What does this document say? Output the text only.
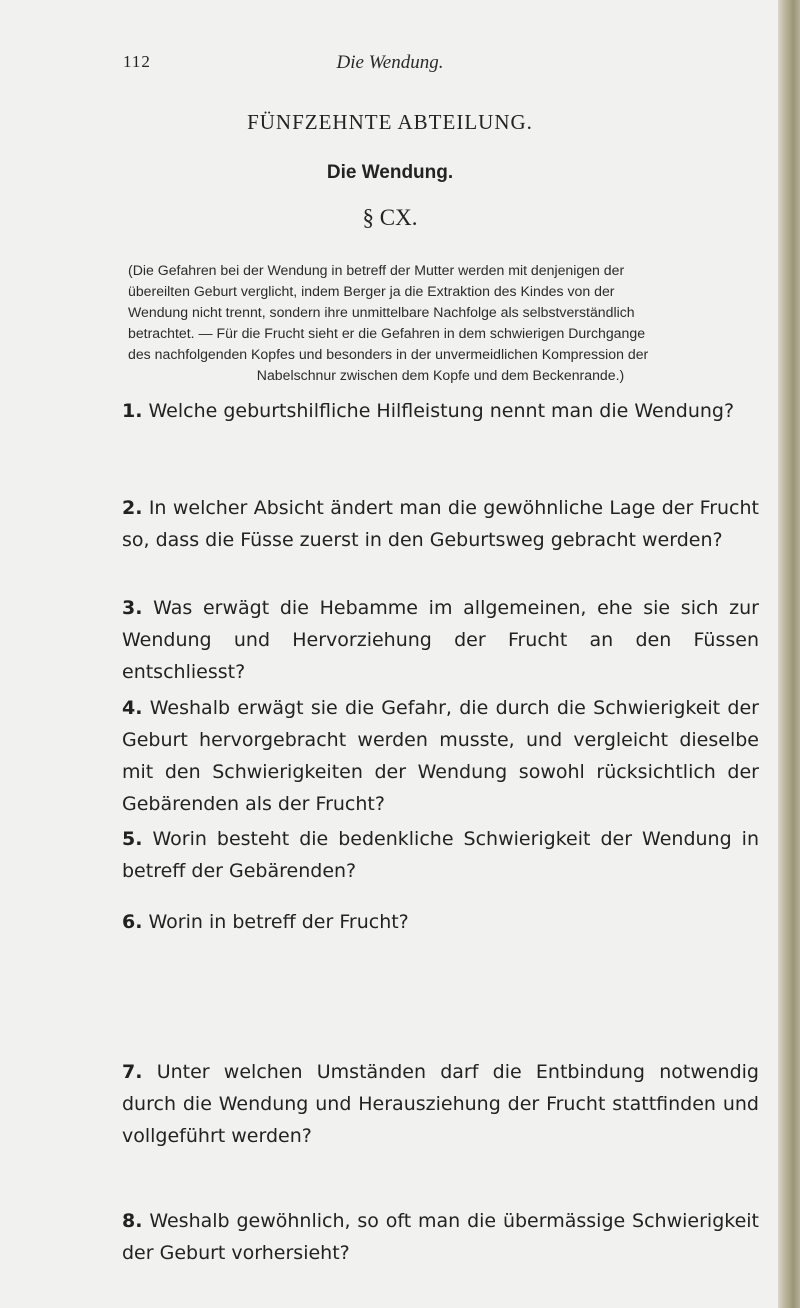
112	Die Wendung.
FÜNFZEHNTE ABTEILUNG.
Die Wendung.
§ CX.
(Die Gefahren bei der Wendung in betreff der Mutter werden mit denjenigen der
übereilten Geburt verglicht, indem Berger ja die Extraktion des Kindes von der
Wendung nicht trennt, sondern ihre unmittelbare Nachfolge als selbstverständlich
betrachtet. — Für die Frucht sieht er die Gefahren in dem schwierigen Durchgange
des nachfolgenden Kopfes und besonders in der unvermeidlichen Kompression der
Nabelschnur zwischen dem Kopfe und dem Beckenrande.)
1. Welche geburtshilfliche Hilfleistung nennt man die Wendung?
2. In welcher Absicht ändert man die gewöhnliche Lage der Frucht so, dass die Füsse zuerst in den Geburtsweg gebracht werden?
3. Was erwägt die Hebamme im allgemeinen, ehe sie sich zur Wendung und Hervorziehung der Frucht an den Füssen entschliesst?
4. Weshalb erwägt sie die Gefahr, die durch die Schwierigkeit der Geburt hervorgebracht werden musste, und vergleicht dieselbe mit den Schwierigkeiten der Wendung sowohl rücksichtlich der Gebärenden als der Frucht?
5. Worin besteht die bedenkliche Schwierigkeit der Wendung in betreff der Gebärenden?
6. Worin in betreff der Frucht?
7. Unter welchen Umständen darf die Entbindung notwendig durch die Wendung und Herausziehung der Frucht stattfinden und vollgeführt werden?
8. Weshalb gewöhnlich, so oft man die übermässige Schwierigkeit der Geburt vorhersieht?
